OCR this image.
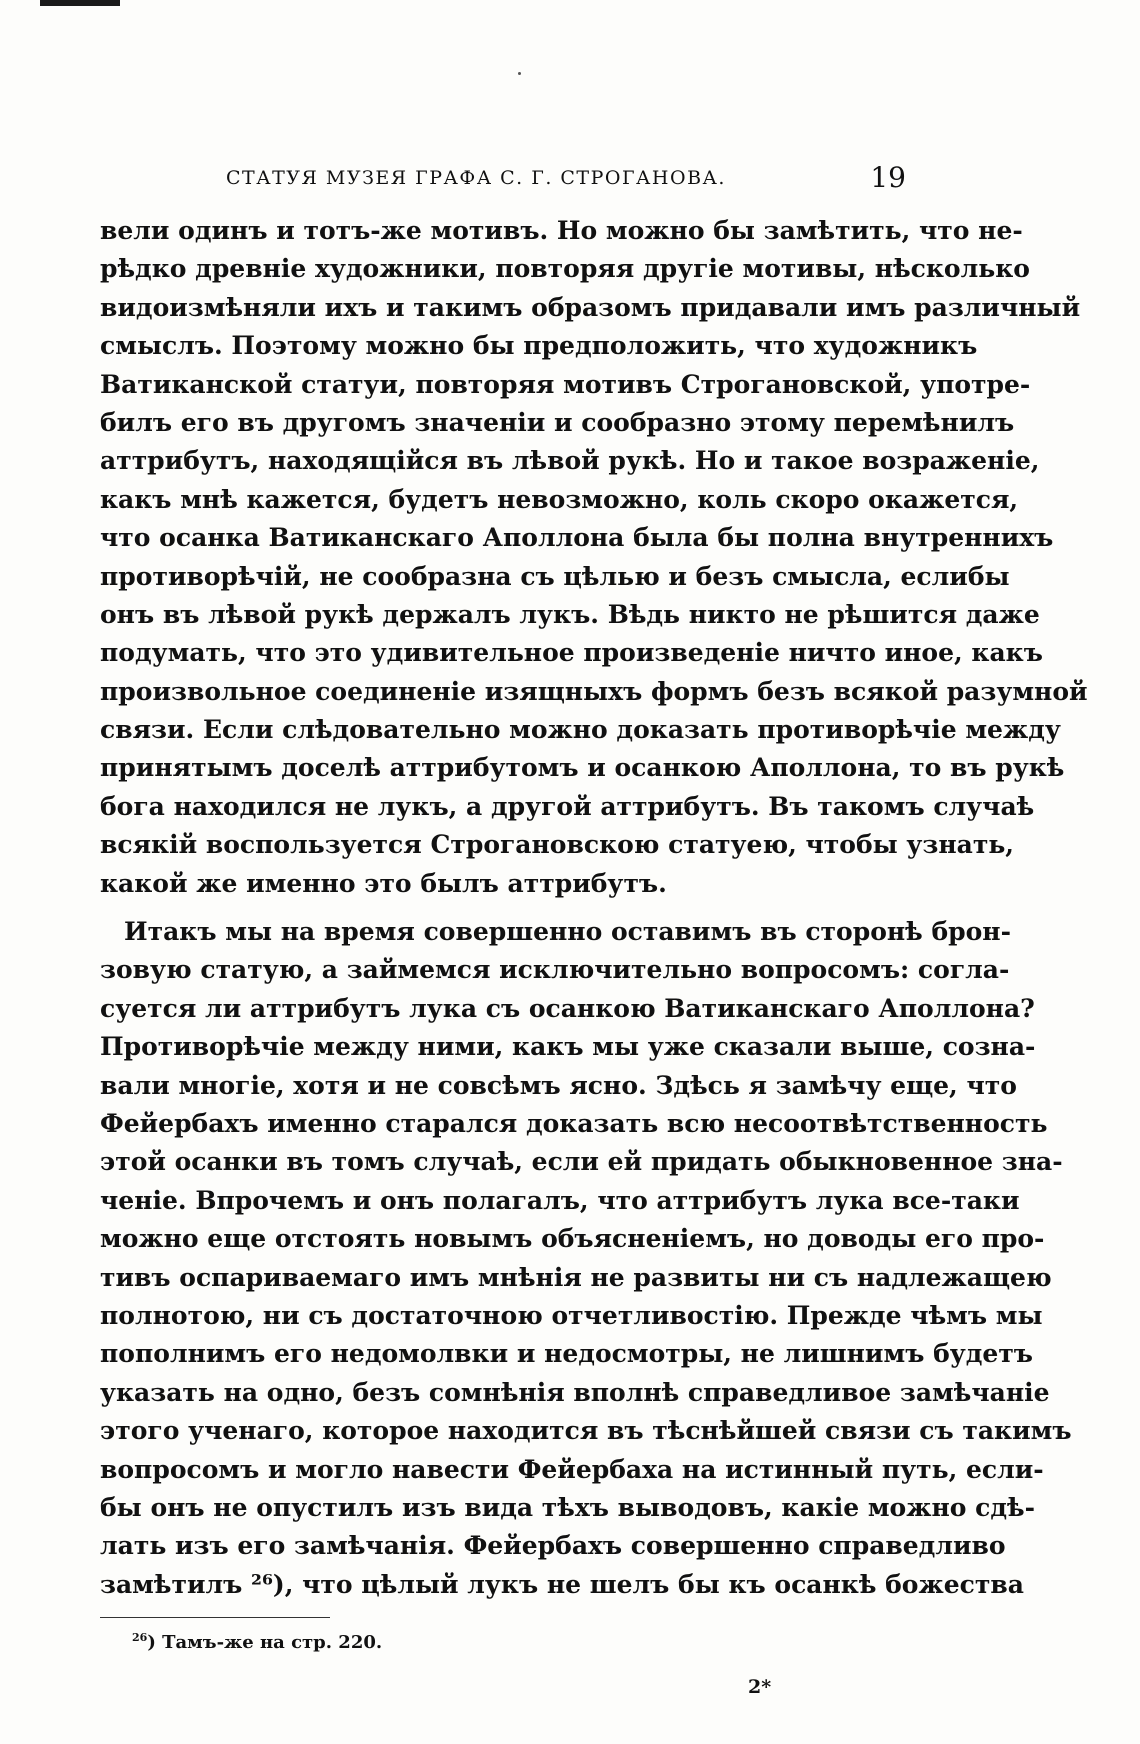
СТАТУЯ МУЗЕЯ ГРАФА С. Г. СТРОГАНОВА.	19
вели одинъ и тотъ-же мотивъ. Но можно бы замѣтить, что не-
рѣдко древніе художники, повторяя другіе мотивы, нѣсколько
видоизмѣняли ихъ и такимъ образомъ придавали имъ различный
смыслъ. Поэтому можно бы предположить, что художникъ
Ватиканской статуи, повторяя мотивъ Строгановской, употре-
билъ его въ другомъ значеніи и сообразно этому перемѣнилъ
аттрибутъ, находящійся въ лѣвой рукѣ. Но и такое возраженіе,
какъ мнѣ кажется, будетъ невозможно, коль скоро окажется,
что осанка Ватиканскаго Аполлона была бы полна внутреннихъ
противорѣчій, не сообразна съ цѣлью и безъ смысла, еслибы
онъ въ лѣвой рукѣ держалъ лукъ. Вѣдь никто не рѣшится даже
подумать, что это удивительное произведеніе ничто иное, какъ
произвольное соединеніе изящныхъ формъ безъ всякой разумной
связи. Если слѣдовательно можно доказать противорѣчіе между
принятымъ доселѣ аттрибутомъ и осанкою Аполлона, то въ рукѣ
бога находился не лукъ, а другой аттрибутъ. Въ такомъ случаѣ
всякій воспользуется Строгановскою статуею, чтобы узнать,
какой же именно это былъ аттрибутъ.
Итакъ мы на время совершенно оставимъ въ сторонѣ брон-
зовую статую, а займемся исключительно вопросомъ: согла-
суется ли аттрибутъ лука съ осанкою Ватиканскаго Аполлона?
Противорѣчіе между ними, какъ мы уже сказали выше, созна-
вали многіе, хотя и не совсѣмъ ясно. Здѣсь я замѣчу еще, что
Фейербахъ именно старался доказать всю несоотвѣтственность
этой осанки въ томъ случаѣ, если ей придать обыкновенное зна-
ченіе. Впрочемъ и онъ полагалъ, что аттрибутъ лука все-таки
можно еще отстоять новымъ объясненіемъ, но доводы его про-
тивъ оспариваемаго имъ мнѣнія не развиты ни съ надлежащею
полнотою, ни съ достаточною отчетливостію. Прежде чѣмъ мы
пополнимъ его недомолвки и недосмотры, не лишнимъ будетъ
указать на одно, безъ сомнѣнія вполнѣ справедливое замѣчаніе
этого ученаго, которое находится въ тѣснѣйшей связи съ такимъ
вопросомъ и могло навести Фейербаха на истинный путь, если-
бы онъ не опустилъ изъ вида тѣхъ выводовъ, какіе можно сдѣ-
лать изъ его замѣчанія. Фейербахъ совершенно справедливо
замѣтилъ ²⁶), что цѣлый лукъ не шелъ бы къ осанкѣ божества
$^{26}$) Тамъ-же на стр. 220.
2*
